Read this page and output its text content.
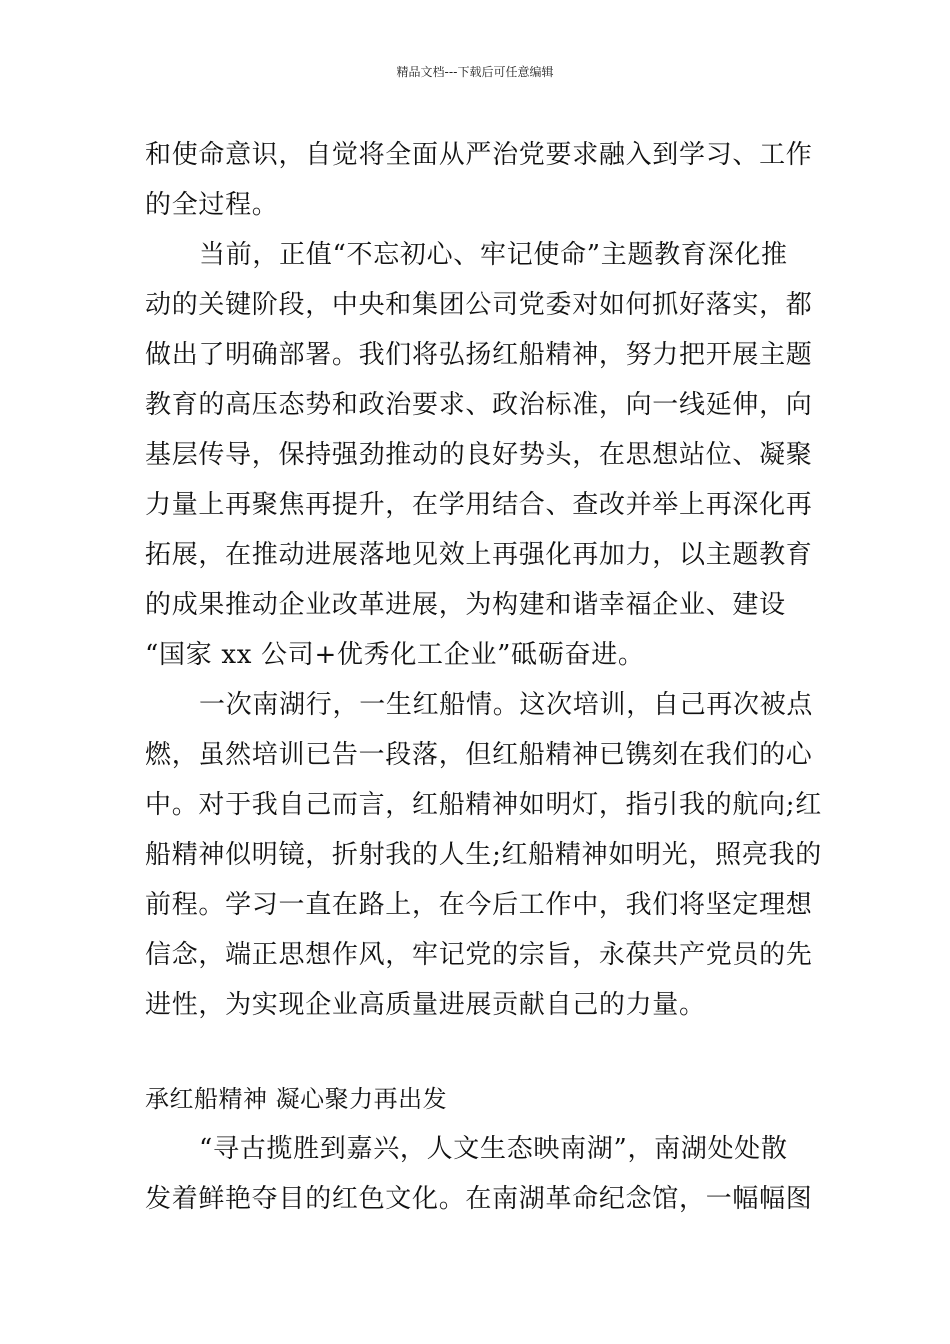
精品文档---下载后可任意编辑
和使命意识，自觉将全面从严治党要求融入到学习、工作
的全过程。
当前，正值“不忘初心、牢记使命”主题教育深化推
动的关键阶段，中央和集团公司党委对如何抓好落实，都
做出了明确部署。我们将弘扬红船精神，努力把开展主题
教育的高压态势和政治要求、政治标准，向一线延伸，向
基层传导，保持强劲推动的良好势头，在思想站位、凝聚
力量上再聚焦再提升，在学用结合、查改并举上再深化再
拓展，在推动进展落地见效上再强化再加力，以主题教育
的成果推动企业改革进展，为构建和谐幸福企业、建设
“国家 xx 公司+优秀化工企业”砥砺奋进。
一次南湖行，一生红船情。这次培训，自己再次被点
燃，虽然培训已告一段落，但红船精神已镌刻在我们的心
中。对于我自己而言，红船精神如明灯，指引我的航向;红
船精神似明镜，折射我的人生;红船精神如明光，照亮我的
前程。学习一直在路上，在今后工作中，我们将坚定理想
信念，端正思想作风，牢记党的宗旨，永葆共产党员的先
进性，为实现企业高质量进展贡献自己的力量。
承红船精神 凝心聚力再出发
“寻古揽胜到嘉兴，人文生态映南湖”，南湖处处散
发着鲜艳夺目的红色文化。在南湖革命纪念馆，一幅幅图
